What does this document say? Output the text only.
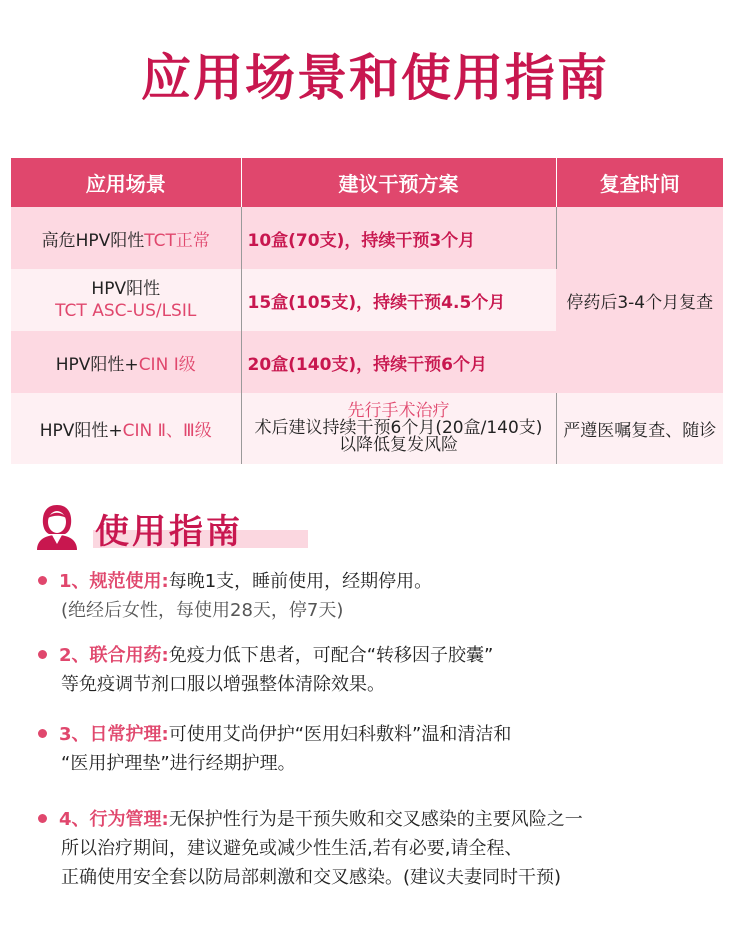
应用场景和使用指南
应用场景	建议干预方案	复查时间
高危HPV阳性TCT正常	10盒(70支)，持续干预3个月	停药后3-4个月复查
HPV阳性
TCT ASC-US/LSIL	15盒(105支)，持续干预4.5个月	
HPV阳性+CIN Ⅰ级	20盒(140支)，持续干预6个月	
HPV阳性+CIN Ⅱ、Ⅲ级	先行手术治疗
术后建议持续干预6个月(20盒/140支)
以降低复发风险	严遵医嘱复查、随诊
使用指南
1、规范使用:每晚1支，睡前使用，经期停用。
(绝经后女性，每使用28天，停7天)
2、联合用药:免疫力低下患者，可配合“转移因子胶囊”
等免疫调节剂口服以增强整体清除效果。
3、日常护理:可使用艾尚伊护“医用妇科敷料”温和清洁和
“医用护理垫”进行经期护理。
4、行为管理:无保护性行为是干预失败和交叉感染的主要风险之一
所以治疗期间，建议避免或减少性生活,若有必要,请全程、
正确使用安全套以防局部刺激和交叉感染。(建议夫妻同时干预)
